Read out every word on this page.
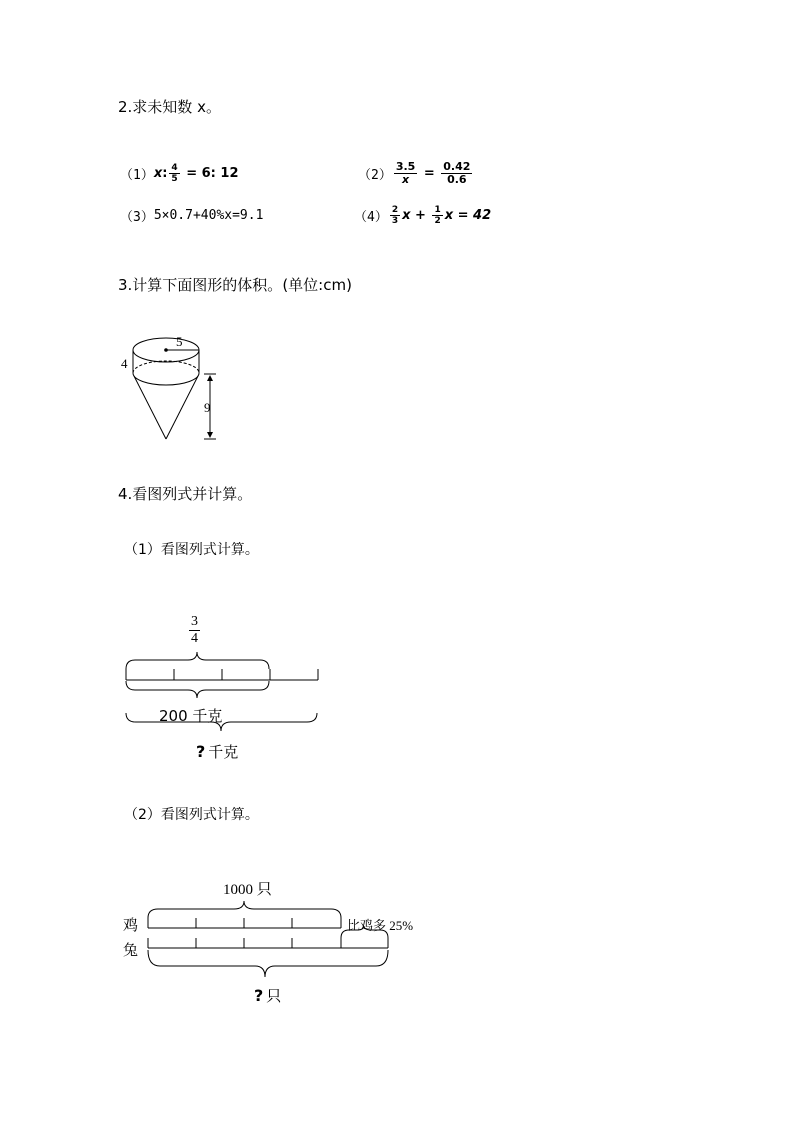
2.求未知数 x。
（1） x : $\frac{4}{5} = 6$: 12	$(2) \frac{3.5}{x} = \frac{0.42}{0.6}$
（3） 5×0.7+40%x=9.1	$(4) \frac{2}{3}$ $x + \frac{1}{2}$ x = 42
3.计算下面图形的体积。(单位:cm)
5
4
9
4.看图列式并计算。
（1）看图列式计算。
$\frac{3}{4}$
200 千克
? 千克
（2）看图列式计算。
1000 只
鸡
兔
比鸡多 25%
? 只
